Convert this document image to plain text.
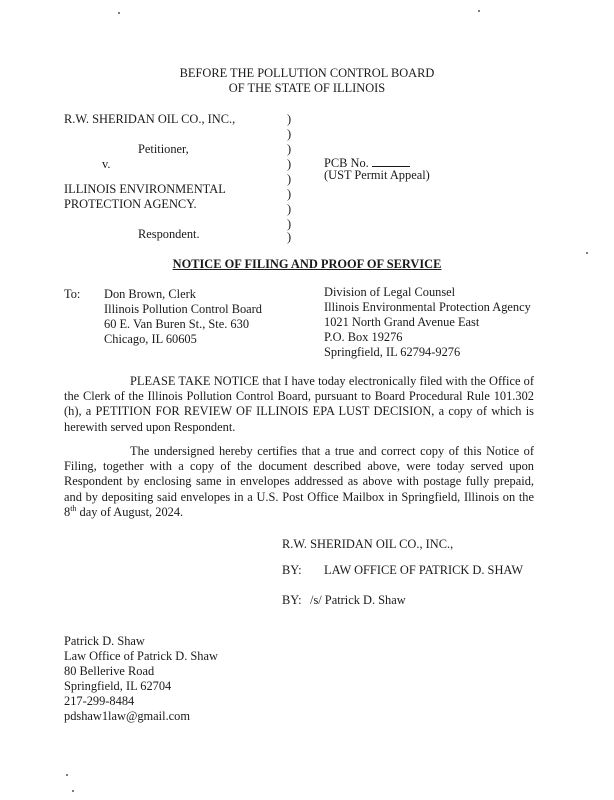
BEFORE THE POLLUTION CONTROL BOARD
OF THE STATE OF ILLINOIS
R.W. SHERIDAN OIL CO., INC.,
Petitioner,
v.
ILLINOIS ENVIRONMENTAL
PROTECTION AGENCY.
Respondent.
)
)
)
)
)
)
)
)
)
PCB No.
(UST Permit Appeal)
NOTICE OF FILING AND PROOF OF SERVICE
To: Don Brown, Clerk
Illinois Pollution Control Board
60 E. Van Buren St., Ste. 630
Chicago, IL 60605
Division of Legal Counsel
Illinois Environmental Protection Agency
1021 North Grand Avenue East
P.O. Box 19276
Springfield, IL 62794-9276
PLEASE TAKE NOTICE that I have today electronically filed with the Office of the Clerk of the Illinois Pollution Control Board, pursuant to Board Procedural Rule 101.302 (h), a PETITION FOR REVIEW OF ILLINOIS EPA LUST DECISION, a copy of which is herewith served upon Respondent.
The undersigned hereby certifies that a true and correct copy of this Notice of Filing, together with a copy of the document described above, were today served upon Respondent by enclosing same in envelopes addressed as above with postage fully prepaid, and by depositing said envelopes in a U.S. Post Office Mailbox in Springfield, Illinois on the 8th day of August, 2024.
R.W. SHERIDAN OIL CO., INC.,
BY: LAW OFFICE OF PATRICK D. SHAW
BY: /s/ Patrick D. Shaw
Patrick D. Shaw
Law Office of Patrick D. Shaw
80 Bellerive Road
Springfield, IL 62704
217-299-8484
pdshaw1law@gmail.com
